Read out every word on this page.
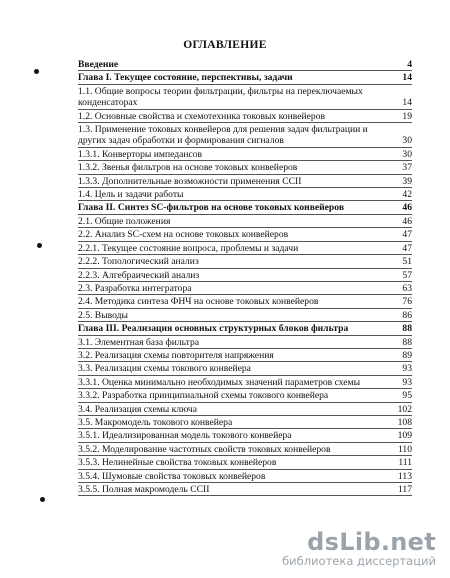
ОГЛАВЛЕНИЕ
Введение	4
Глава I. Текущее состояние, перспективы, задачи	14
1.1. Общие вопросы теории фильтрации, фильтры на переключаемых конденсаторах	14
1.2. Основные свойства и схемотехника токовых конвейеров	19
1.3. Применение токовых конвейеров для решения задач фильтрации и других задач обработки и формирования сигналов	30
1.3.1. Конверторы импедансов	30
1.3.2. Звенья фильтров на основе токовых конвейеров	37
1.3.3. Дополнительные возможности применения CCII	39
1.4. Цель и задачи работы	42
Глава II. Синтез SC-фильтров на основе токовых конвейеров	46
2.1. Общие положения	46
2.2. Анализ SC-схем на основе токовых конвейеров	47
2.2.1. Текущее состояние вопроса, проблемы и задачи	47
2.2.2. Топологический анализ	51
2.2.3. Алгебраический анализ	57
2.3. Разработка интегратора	63
2.4. Методика синтеза ФНЧ на основе токовых конвейеров	76
2.5. Выводы	86
Глава III. Реализация основных структурных блоков фильтра	88
3.1. Элементная база фильтра	88
3.2. Реализация схемы повторителя напряжения	89
3.3. Реализация схемы токового конвейера	93
3.3.1. Оценка минимально необходимых значений параметров схемы	93
3.3.2. Разработка принципиальной схемы токового конвейера	95
3.4. Реализация схемы ключа	102
3.5. Макромодель токового конвейера	108
3.5.1. Идеализированная модель токового конвейера	109
3.5.2. Моделирование частотных свойств токовых конвейеров	110
3.5.3. Нелинейные свойства токовых конвейеров	111
3.5.4. Шумовые свойства токовых конвейеров	113
3.5.5. Полная макромодель CCII	117
dsLib.net
библиотека диссертаций
